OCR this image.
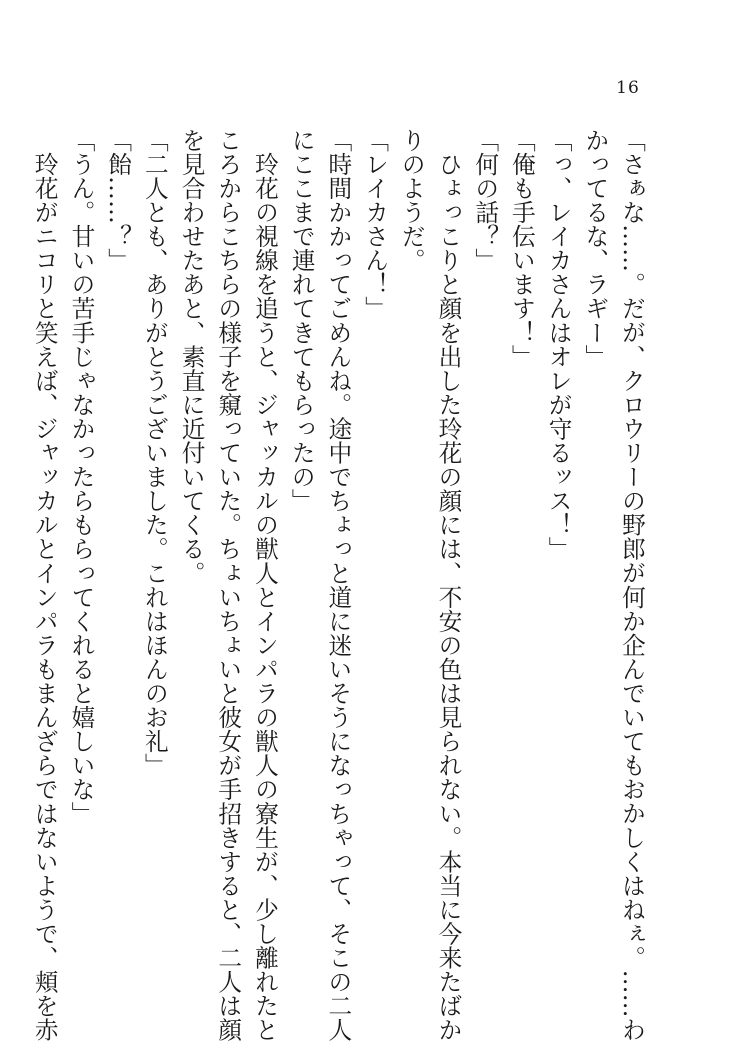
16
「さぁな……。だが、クロウリーの野郎が何か企んでいてもおかしくはねぇ。……わ
かってるな、ラギー」
「っ、レイカさんはオレが守るッス！」
「俺も手伝います！」
「何の話？」
　ひょっこりと顔を出した玲花の顔には、不安の色は見られない。本当に今来たばか
りのようだ。
「レイカさん！」
「時間かかってごめんね。途中でちょっと道に迷いそうになっちゃって、そこの二人
にここまで連れてきてもらったの」
　玲花の視線を追うと、ジャッカルの獣人とインパラの獣人の寮生が、少し離れたと
ころからこちらの様子を窺っていた。ちょいちょいと彼女が手招きすると、二人は顔
を見合わせたあと、素直に近付いてくる。
「二人とも、ありがとうございました。これはほんのお礼」
「飴……？」
「うん。甘いの苦手じゃなかったらもらってくれると嬉しいな」
　玲花がニコリと笑えば、ジャッカルとインパラもまんざらではないようで、頬を赤
